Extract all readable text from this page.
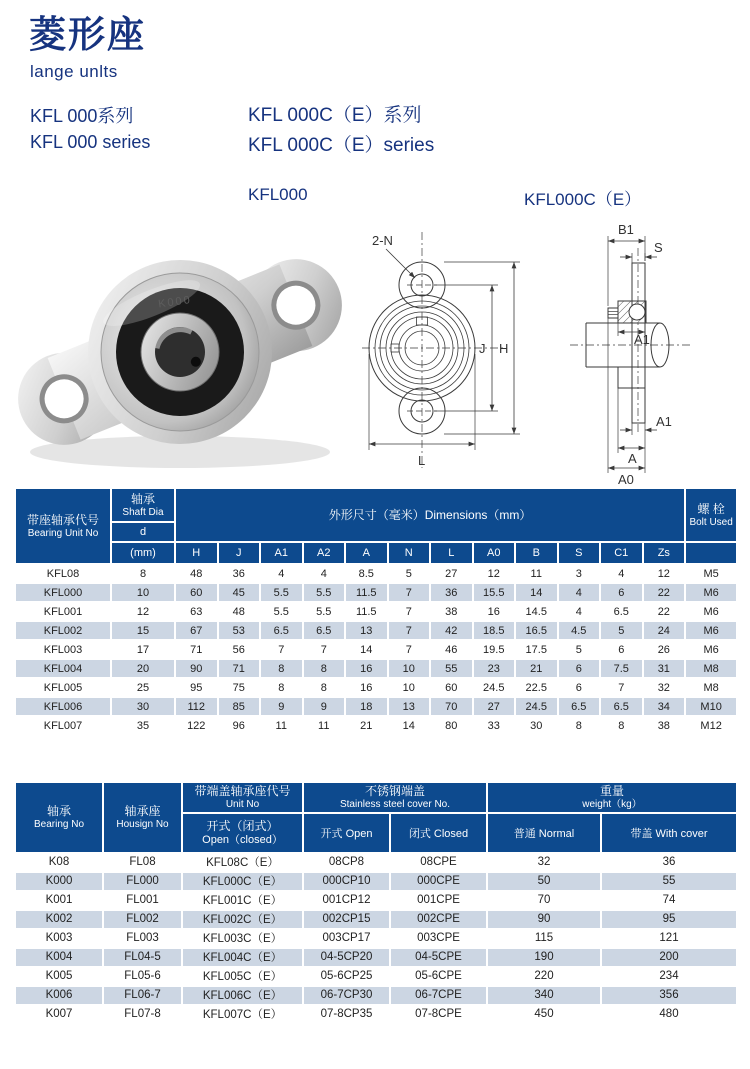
菱形座
lange unlts
KFL 000系列
KFL 000 series
KFL 000C（E）系列
KFL 000C（E）series
KFL000	KFL000C（E）
K000
2-N
J H
L
B1
S
A1
A1
A
A0
带座轴承代号
Bearing Unit No	轴承
Shaft Dia	外形尺寸（毫米）Dimensions（mm）												螺 栓
Bolt Used

	d													
	(mm)	H	J	A1	A2	A	N	L	A0	B	S	C1	Zs	
KFL08	8	48	36	4	4	8.5	5	27	12	11	3	4	12	M5
KFL000	10	60	45	5.5	5.5	11.5	7	36	15.5	14	4	6	22	M6
KFL001	12	63	48	5.5	5.5	11.5	7	38	16	14.5	4	6.5	22	M6
KFL002	15	67	53	6.5	6.5	13	7	42	18.5	16.5	4.5	5	24	M6
KFL003	17	71	56	7	7	14	7	46	19.5	17.5	5	6	26	M6
KFL004	20	90	71	8	8	16	10	55	23	21	6	7.5	31	M8
KFL005	25	95	75	8	8	16	10	60	24.5	22.5	6	7	32	M8
KFL006	30	112	85	9	9	18	13	70	27	24.5	6.5	6.5	34	M10
KFL007	35	122	96	11	11	21	14	80	33	30	8	8	38	M12
轴承
Bearing No	轴承座
Housign No	带端盖轴承座代号
Unit No	不锈钢端盖
Stainless steel cover No.		重量
weight（kg）	

		开式（闭式）
Open（closed）	开式 Open	闭式 Closed	普通 Normal	带盖 With cover
K08	FL08	KFL08C（E）	08CP8	08CPE	32	36
K000	FL000	KFL000C（E）	000CP10	000CPE	50	55
K001	FL001	KFL001C（E）	001CP12	001CPE	70	74
K002	FL002	KFL002C（E）	002CP15	002CPE	90	95
K003	FL003	KFL003C（E）	003CP17	003CPE	115	121
K004	FL04-5	KFL004C（E）	04-5CP20	04-5CPE	190	200
K005	FL05-6	KFL005C（E）	05-6CP25	05-6CPE	220	234
K006	FL06-7	KFL006C（E）	06-7CP30	06-7CPE	340	356
K007	FL07-8	KFL007C（E）	07-8CP35	07-8CPE	450	480
